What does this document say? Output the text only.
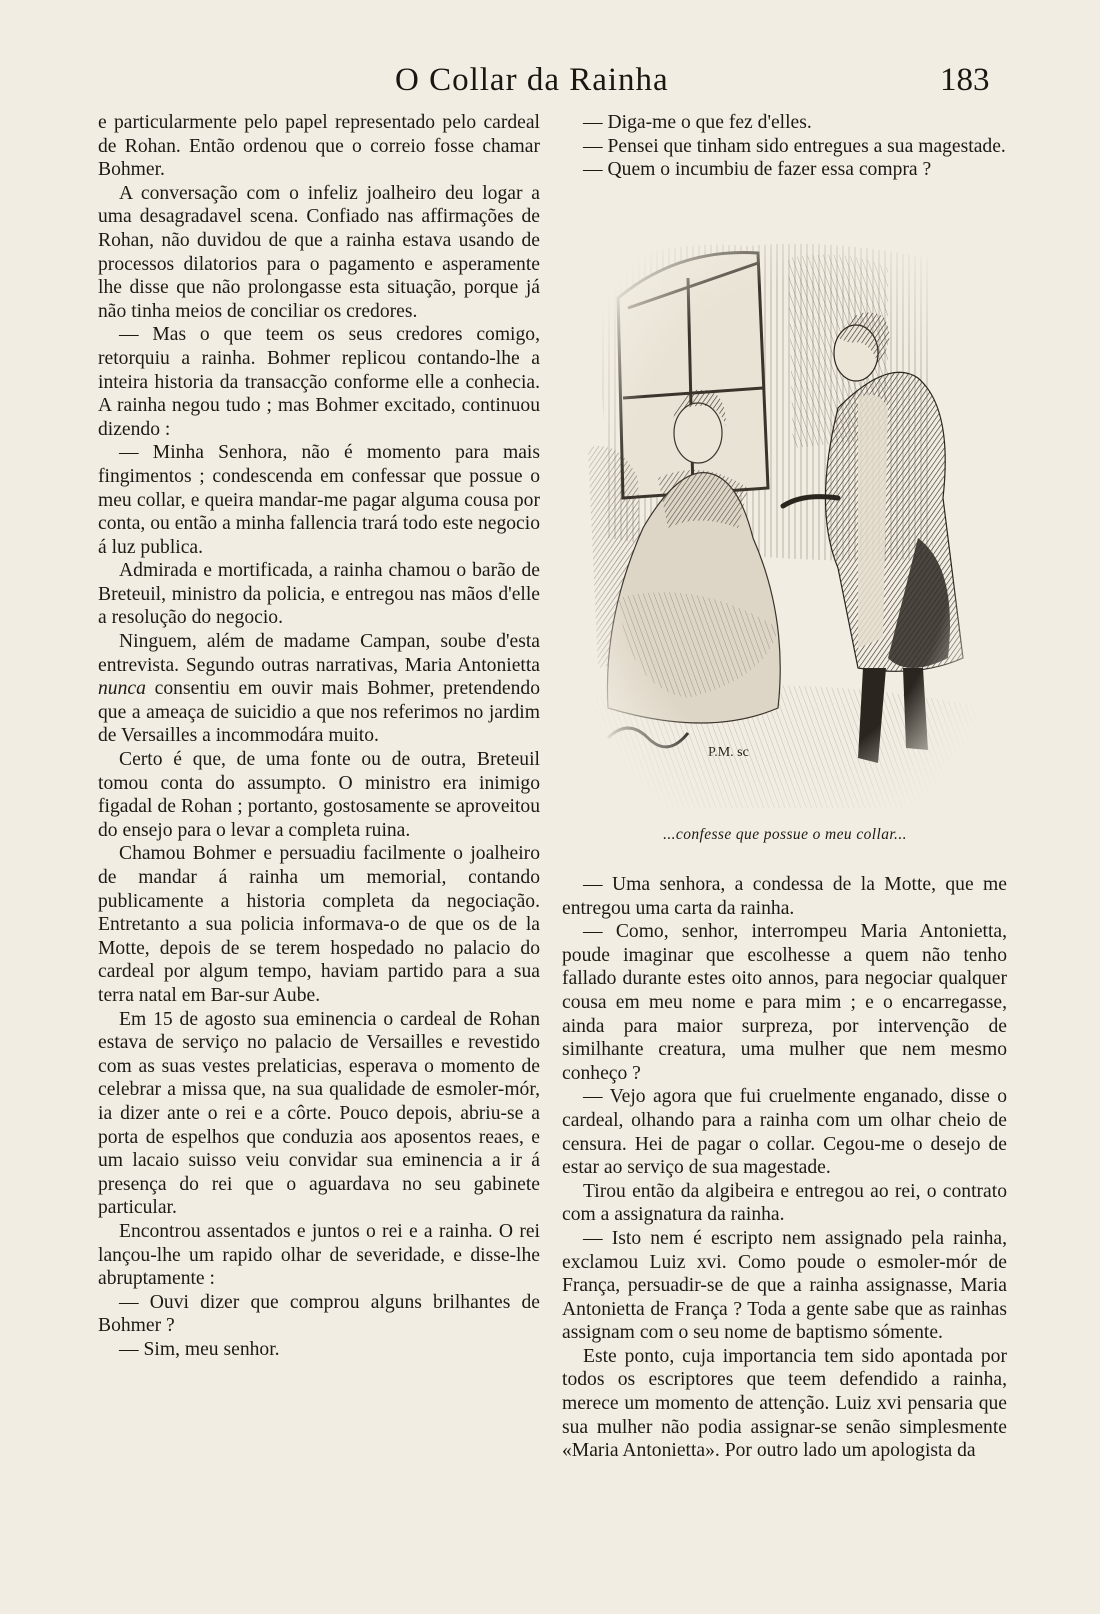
O Collar da Rainha	183

e particularmente pelo papel representado pelo cardeal de Rohan. Então ordenou que o correio fosse chamar Bohmer.

A conversação com o infeliz joalheiro deu logar a uma desagradavel scena. Confiado nas affirmações de Rohan, não duvidou de que a rainha estava usando de processos dilatorios para o pagamento e asperamente lhe disse que não prolongasse esta situação, porque já não tinha meios de conciliar os credores.

— Mas o que teem os seus credores comigo, retorquiu a rainha. Bohmer replicou contando-lhe a inteira historia da transacção conforme elle a conhecia. A rainha negou tudo ; mas Bohmer excitado, continuou dizendo :

— Minha Senhora, não é momento para mais fingimentos ; condescenda em confessar que possue o meu collar, e queira mandar-me pagar alguma cousa por conta, ou então a minha fallencia trará todo este negocio á luz publica.

Admirada e mortificada, a rainha chamou o barão de Breteuil, ministro da policia, e entregou nas mãos d'elle a resolução do negocio.

Ninguem, além de madame Campan, soube d'esta entrevista. Segundo outras narrativas, Maria Antonietta nunca consentiu em ouvir mais Bohmer, pretendendo que a ameaça de suicidio a que nos referimos no jardim de Versailles a incommodára muito.

Certo é que, de uma fonte ou de outra, Breteuil tomou conta do assumpto. O ministro era inimigo figadal de Rohan ; portanto, gostosamente se aproveitou do ensejo para o levar a completa ruina.

Chamou Bohmer e persuadiu facilmente o joalheiro de mandar á rainha um memorial, contando publicamente a historia completa da negociação. Entretanto a sua policia informava-o de que os de la Motte, depois de se terem hospedado no palacio do cardeal por algum tempo, haviam partido para a sua terra natal em Bar-sur Aube.

Em 15 de agosto sua eminencia o cardeal de Rohan estava de serviço no palacio de Versailles e revestido com as suas vestes prelaticias, esperava o momento de celebrar a missa que, na sua qualidade de esmoler-mór, ia dizer ante o rei e a côrte. Pouco depois, abriu-se a porta de espelhos que conduzia aos aposentos reaes, e um lacaio suisso veiu convidar sua eminencia a ir á presença do rei que o aguardava no seu gabinete particular.

Encontrou assentados e juntos o rei e a rainha. O rei lançou-lhe um rapido olhar de severidade, e disse-lhe abruptamente :

— Ouvi dizer que comprou alguns brilhantes de Bohmer ?

— Sim, meu senhor.

— Diga-me o que fez d'elles.

— Pensei que tinham sido entregues a sua magestade.

— Quem o incumbiu de fazer essa compra ?

...confesse que possue o meu collar...

— Uma senhora, a condessa de la Motte, que me entregou uma carta da rainha.

— Como, senhor, interrompeu Maria Antonietta, poude imaginar que escolhesse a quem não tenho fallado durante estes oito annos, para negociar qualquer cousa em meu nome e para mim ; e o encarregasse, ainda para maior surpreza, por intervenção de similhante creatura, uma mulher que nem mesmo conheço ?

— Vejo agora que fui cruelmente enganado, disse o cardeal, olhando para a rainha com um olhar cheio de censura. Hei de pagar o collar. Cegou-me o desejo de estar ao serviço de sua magestade.

Tirou então da algibeira e entregou ao rei, o contrato com a assignatura da rainha.

— Isto nem é escripto nem assignado pela rainha, exclamou Luiz xvi. Como poude o esmoler-mór de França, persuadir-se de que a rainha assignasse, Maria Antonietta de França ? Toda a gente sabe que as rainhas assignam com o seu nome de baptismo sómente.

Este ponto, cuja importancia tem sido apontada por todos os escriptores que teem defendido a rainha, merece um momento de attenção. Luiz xvi pensaria que sua mulher não podia assignar-se senão simplesmente «Maria Antonietta». Por outro lado um apologista da
